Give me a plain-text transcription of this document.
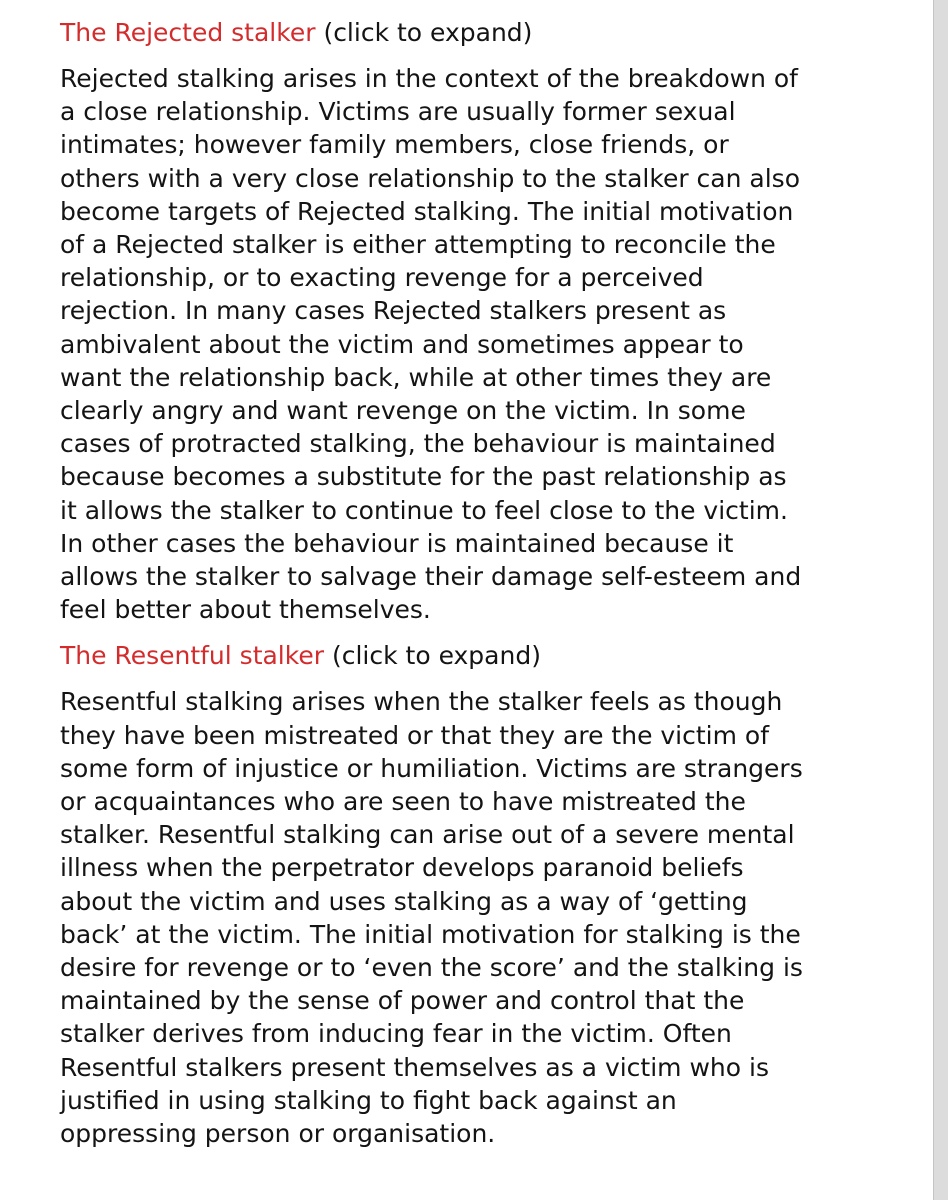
The Rejected stalker (click to expand)
Rejected stalking arises in the context of the breakdown of
a close relationship. Victims are usually former sexual
intimates; however family members, close friends, or
others with a very close relationship to the stalker can also
become targets of Rejected stalking. The initial motivation
of a Rejected stalker is either attempting to reconcile the
relationship, or to exacting revenge for a perceived
rejection. In many cases Rejected stalkers present as
ambivalent about the victim and sometimes appear to
want the relationship back, while at other times they are
clearly angry and want revenge on the victim. In some
cases of protracted stalking, the behaviour is maintained
because becomes a substitute for the past relationship as
it allows the stalker to continue to feel close to the victim.
In other cases the behaviour is maintained because it
allows the stalker to salvage their damage self-esteem and
feel better about themselves.
The Resentful stalker (click to expand)
Resentful stalking arises when the stalker feels as though
they have been mistreated or that they are the victim of
some form of injustice or humiliation. Victims are strangers
or acquaintances who are seen to have mistreated the
stalker. Resentful stalking can arise out of a severe mental
illness when the perpetrator develops paranoid beliefs
about the victim and uses stalking as a way of ‘getting
back’ at the victim. The initial motivation for stalking is the
desire for revenge or to ‘even the score’ and the stalking is
maintained by the sense of power and control that the
stalker derives from inducing fear in the victim. Often
Resentful stalkers present themselves as a victim who is
justified in using stalking to fight back against an
oppressing person or organisation.
